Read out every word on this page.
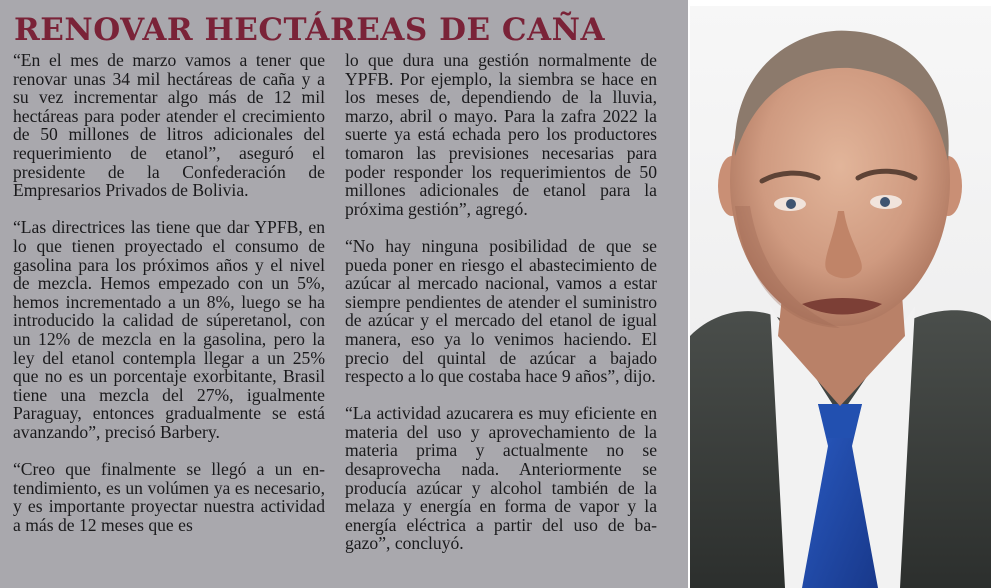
RENOVAR HECTÁREAS DE CAÑA

“En el mes de marzo vamos a tener que renovar unas 34 mil hectáreas de caña y a su vez incrementar algo más de 12 mil hectáreas para poder atender el crecimiento de 50 millones de litros adicionales del requerimiento de etanol”, aseguró el presidente de la Confederación de Empresarios Privados de Bolivia.

“Las directrices las tiene que dar YPFB, en lo que tienen proyectado el consumo de gasolina para los próximos años y el nivel de mezcla. Hemos empezado con un 5%, hemos incrementado a un 8%, luego se ha introducido la calidad de súperetanol, con un 12% de mezcla en la gasolina, pero la ley del etanol contempla llegar a un 25% que no es un porcentaje exorbitante, Brasil tiene una mezcla del 27%, igualmente Paraguay, entonces gradualmente se está avanzando”, precisó Barbery.

“Creo que finalmente se llegó a un entendimiento, es un volúmen ya es necesario, y es importante proyectar nuestra actividad a más de 12 meses que es

lo que dura una gestión normalmente de YPFB. Por ejemplo, la siembra se hace en los meses de, dependiendo de la lluvia, marzo, abril o mayo. Para la zafra 2022 la suerte ya está echada pero los productores tomaron las previsiones necesarias para poder responder los requerimientos de 50 millones adicionales de etanol para la próxima gestión”, agregó.

“No hay ninguna posibilidad de que se pueda poner en riesgo el abastecimiento de azúcar al mercado nacional, vamos a estar siempre pendientes de atender el suministro de azúcar y el mercado del etanol de igual manera, eso ya lo venimos haciendo. El precio del quintal de azúcar a bajado respecto a lo que costaba hace 9 años”, dijo.

“La actividad azucarera es muy eficiente en materia del uso y aprovechamiento de la materia prima y actualmente no se desaprovecha nada. Anteriormente se producía azúcar y alcohol también de la melaza y energía en forma de vapor y la energía eléctrica a partir del uso de bagazo”, concluyó.
